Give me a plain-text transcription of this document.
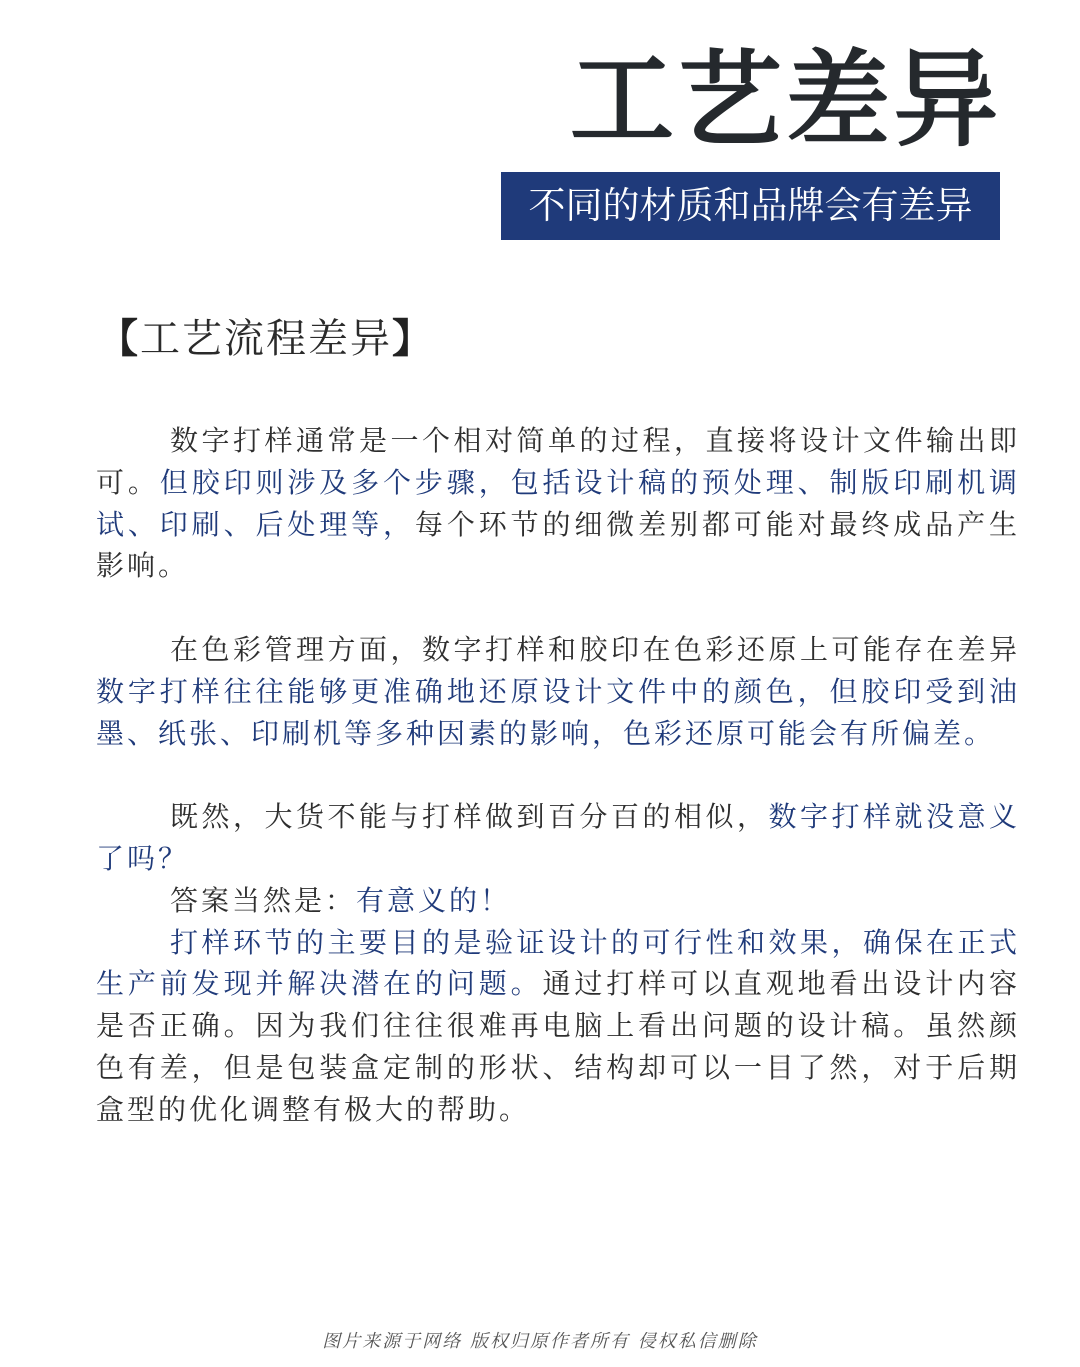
工艺差异
不同的材质和品牌会有差异
【工艺流程差异】

数字打样通常是一个相对简单的过程，直接将设计文件输出即可。但胶印则涉及多个步骤，包括设计稿的预处理、制版印刷机调试、印刷、后处理等，每个环节的细微差别都可能对最终成品产生影响。

在色彩管理方面，数字打样和胶印在色彩还原上可能存在差异数字打样往往能够更准确地还原设计文件中的颜色，但胶印受到油墨、纸张、印刷机等多种因素的影响，色彩还原可能会有所偏差。

既然，大货不能与打样做到百分百的相似，数字打样就没意义了吗？

答案当然是：有意义的！

打样环节的主要目的是验证设计的可行性和效果，确保在正式生产前发现并解决潜在的问题。通过打样可以直观地看出设计内容是否正确。因为我们往往很难再电脑上看出问题的设计稿。虽然颜色有差，但是包装盒定制的形状、结构却可以一目了然，对于后期盒型的优化调整有极大的帮助。

图片来源于网络 版权归原作者所有 侵权私信删除
